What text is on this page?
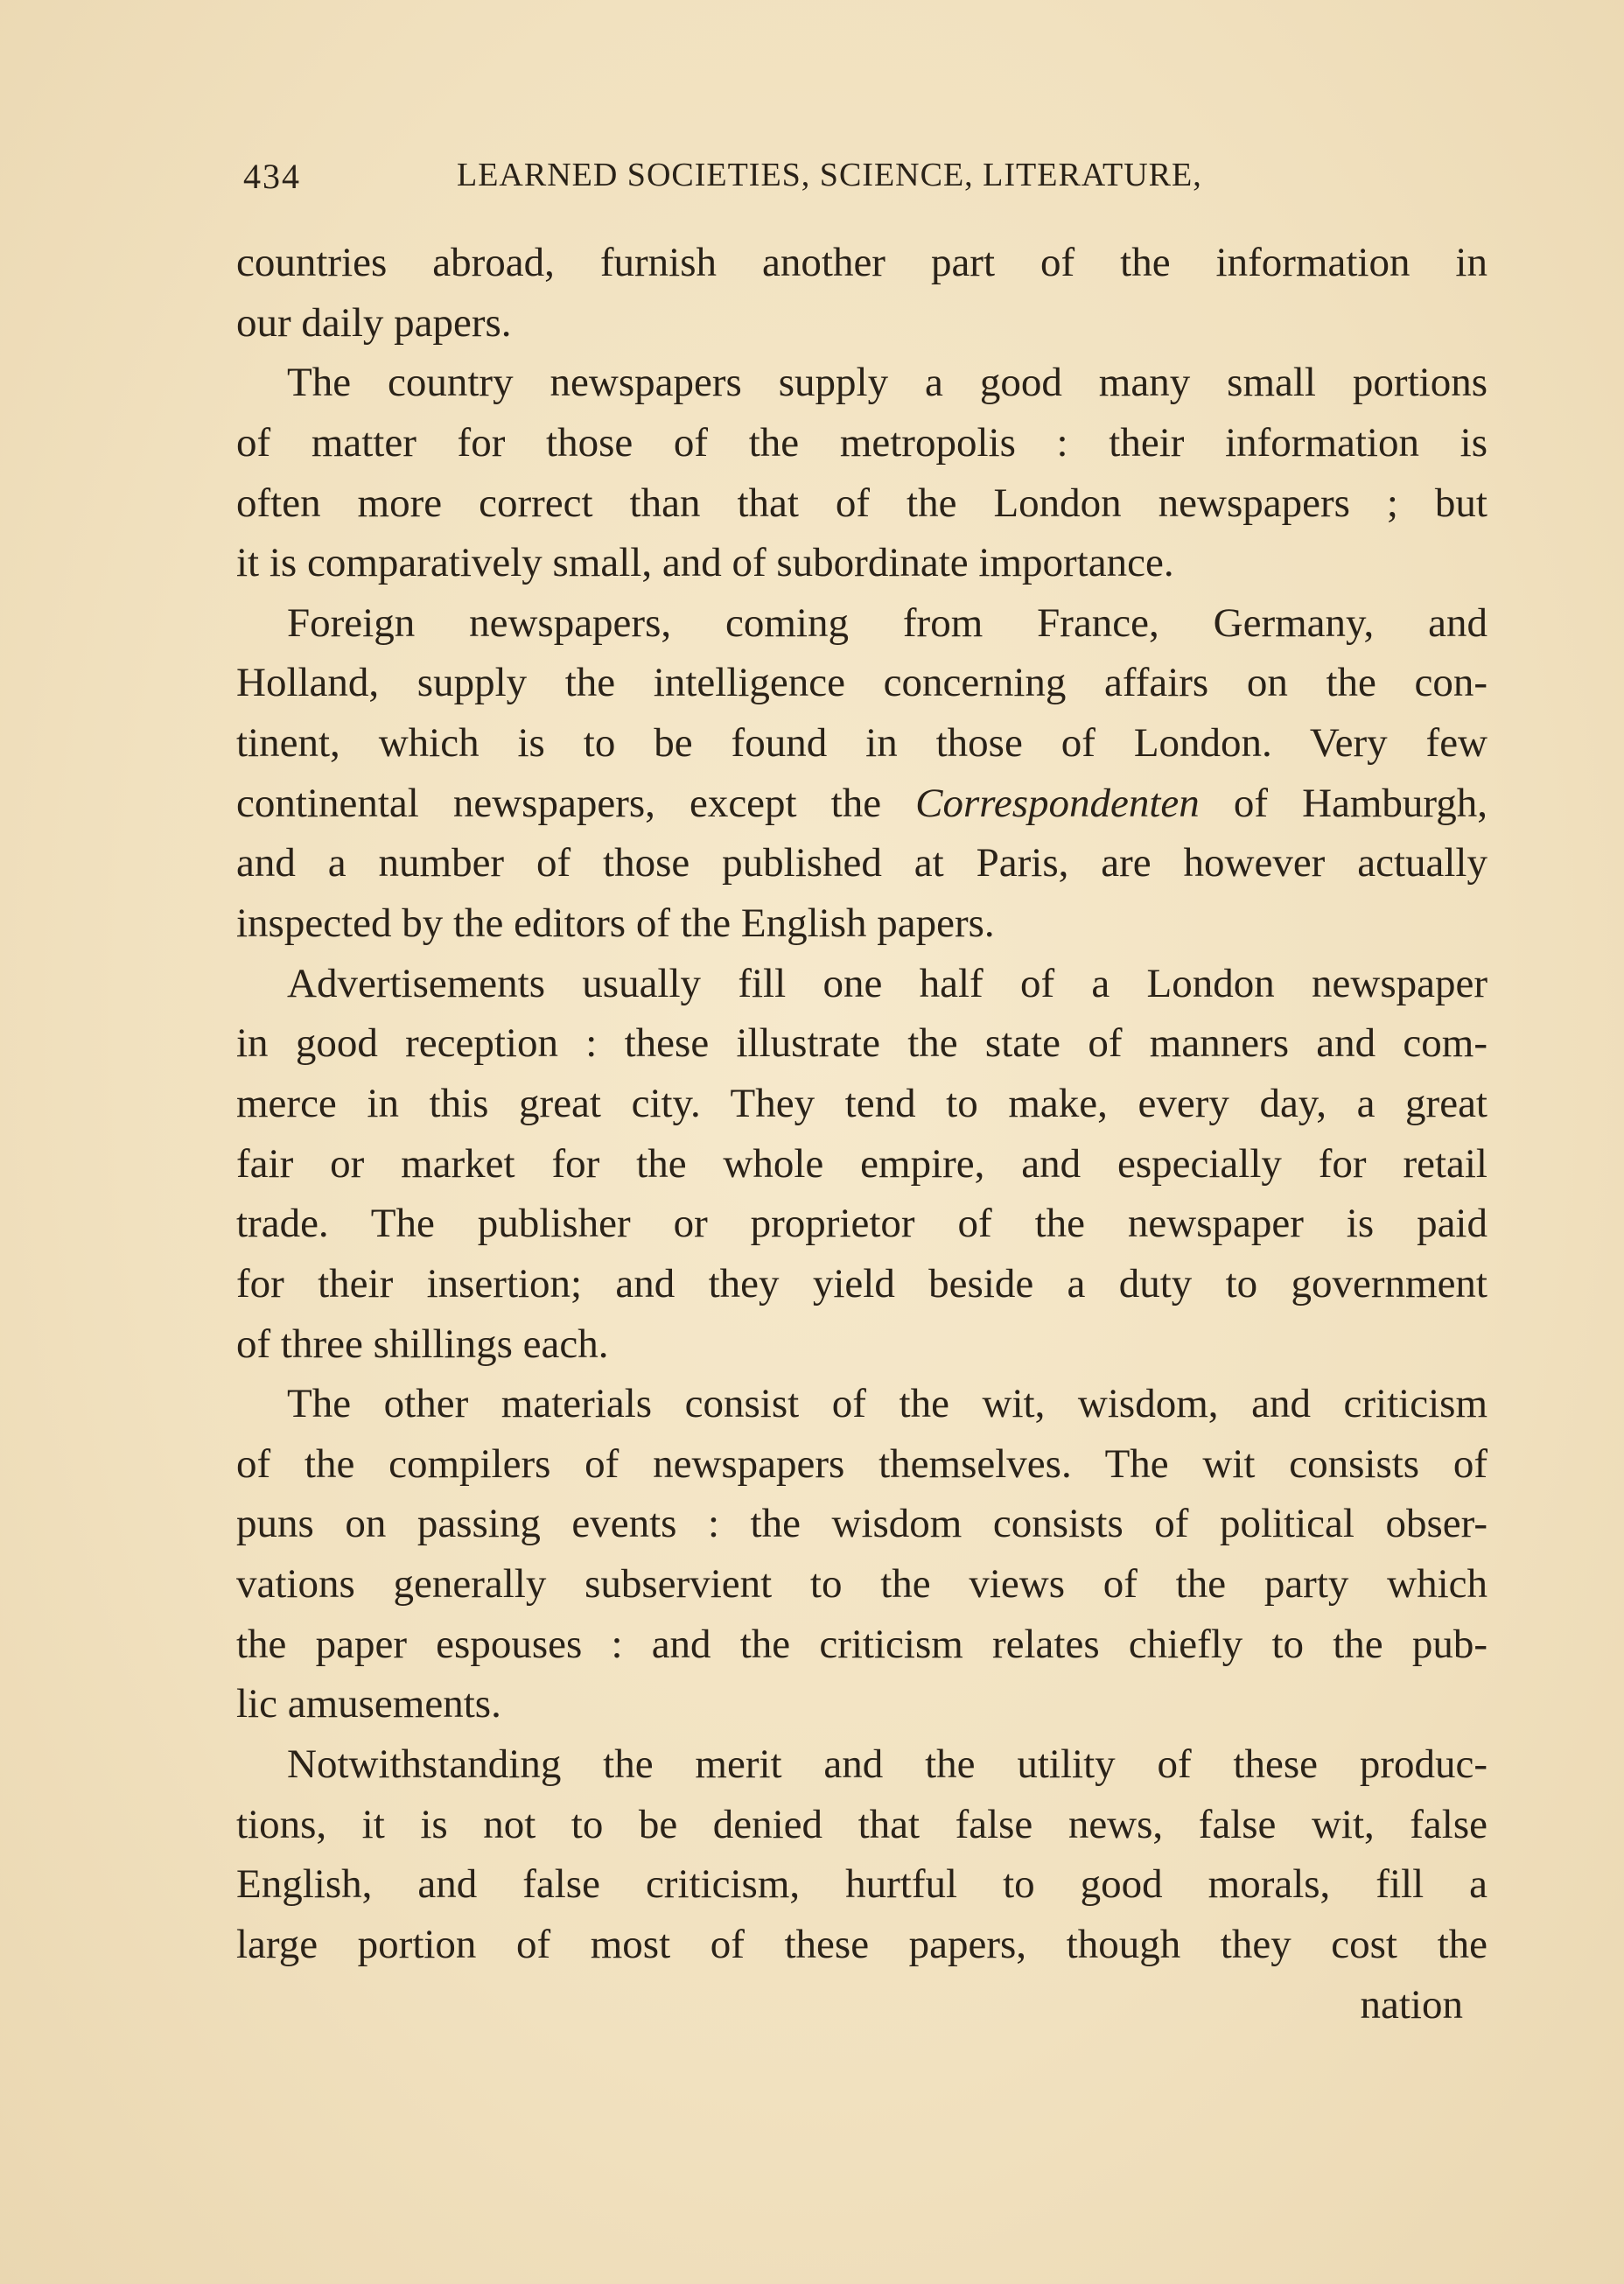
434	LEARNED SOCIETIES, SCIENCE, LITERATURE,
countries abroad, furnish another part of the information in
our daily papers.
The country newspapers supply a good many small portions
of matter for those of the metropolis : their information is
often more correct than that of the London newspapers ; but
it is comparatively small, and of subordinate importance.
Foreign newspapers, coming from France, Germany, and
Holland, supply the intelligence concerning affairs on the con-
tinent, which is to be found in those of London. Very few
continental newspapers, except the Correspondenten of Hamburgh,
and a number of those published at Paris, are however actually
inspected by the editors of the English papers.
Advertisements usually fill one half of a London newspaper
in good reception : these illustrate the state of manners and com-
merce in this great city. They tend to make, every day, a great
fair or market for the whole empire, and especially for retail
trade. The publisher or proprietor of the newspaper is paid
for their insertion; and they yield beside a duty to government
of three shillings each.
The other materials consist of the wit, wisdom, and criticism
of the compilers of newspapers themselves. The wit consists of
puns on passing events : the wisdom consists of political obser-
vations generally subservient to the views of the party which
the paper espouses : and the criticism relates chiefly to the pub-
lic amusements.
Notwithstanding the merit and the utility of these produc-
tions, it is not to be denied that false news, false wit, false
English, and false criticism, hurtful to good morals, fill a
large portion of most of these papers, though they cost the
nation
